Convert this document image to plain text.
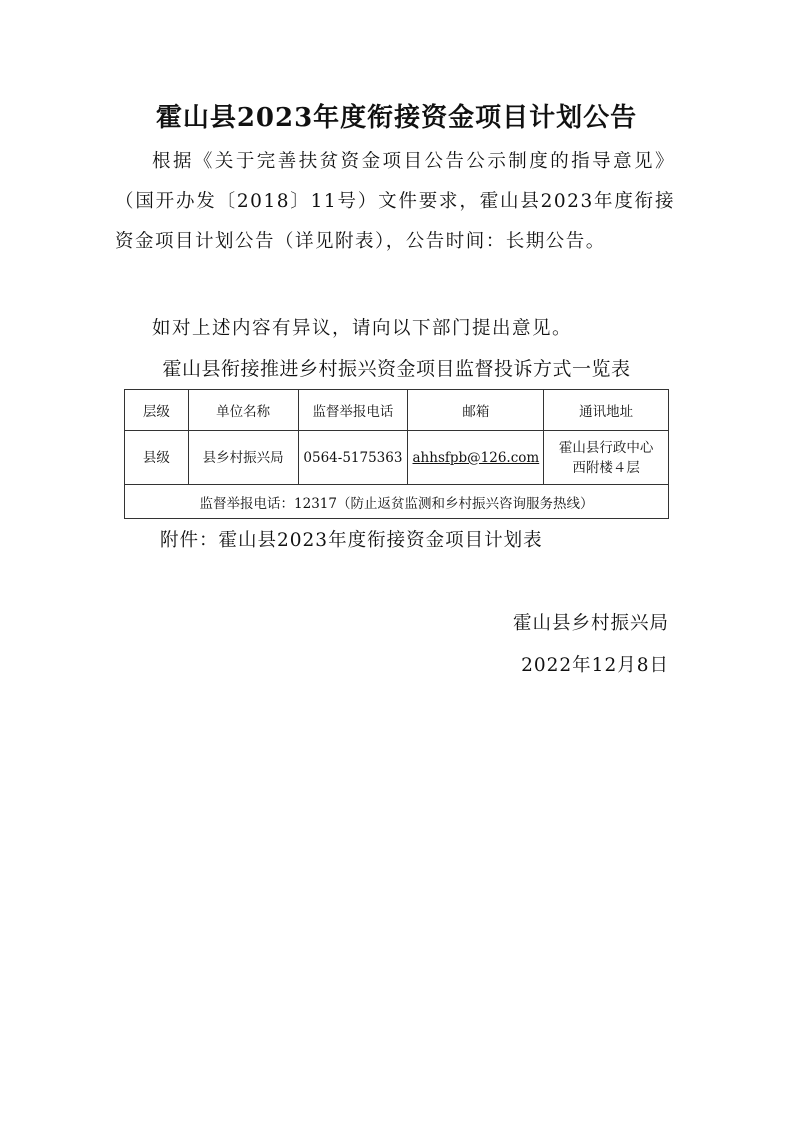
霍山县2023年度衔接资金项目计划公告
根据《关于完善扶贫资金项目公告公示制度的指导意见》（国开办发〔2018〕11号）文件要求，霍山县2023年度衔接资金项目计划公告（详见附表），公告时间：长期公告。
如对上述内容有异议，请向以下部门提出意见。
霍山县衔接推进乡村振兴资金项目监督投诉方式一览表
层级	单位名称	监督举报电话	邮箱	通讯地址
县级	县乡村振兴局	0564-5175363	ahhsfpb@126.com	霍山县行政中心
西附楼４层

监督举报电话：12317（防止返贫监测和乡村振兴咨询服务热线）				
附件：霍山县2023年度衔接资金项目计划表
霍山县乡村振兴局
2022年12月8日
